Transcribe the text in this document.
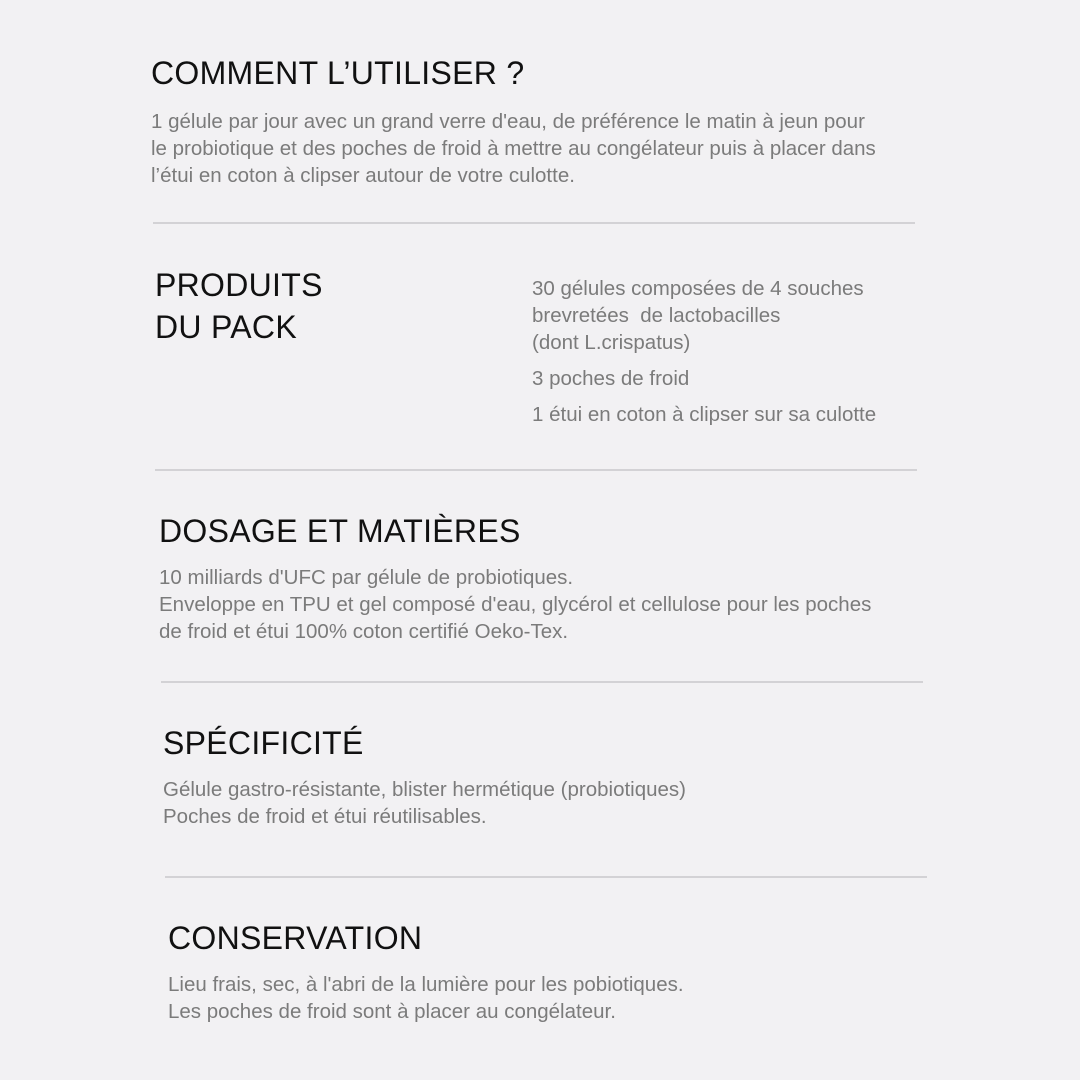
COMMENT L’UTILISER ?

1 gélule par jour avec un grand verre d'eau, de préférence le matin à jeun pour

le probiotique et des poches de froid à mettre au congélateur puis à placer dans

l’étui en coton à clipser autour de votre culotte.

PRODUITS
DU PACK
30 gélules composées de 4 souches
brevretées  de lactobacilles
(dont L.crispatus)
3 poches de froid
1 étui en coton à clipser sur sa culotte
DOSAGE ET MATIÈRES

10 milliards d'UFC par gélule de probiotiques.

Enveloppe en TPU et gel composé d'eau, glycérol et cellulose pour les poches

de froid et étui 100% coton certifié Oeko-Tex.

SPÉCIFICITÉ

Gélule gastro-résistante, blister hermétique (probiotiques)

Poches de froid et étui réutilisables.

CONSERVATION

Lieu frais, sec, à l'abri de la lumière pour les pobiotiques.

Les poches de froid sont à placer au congélateur.
